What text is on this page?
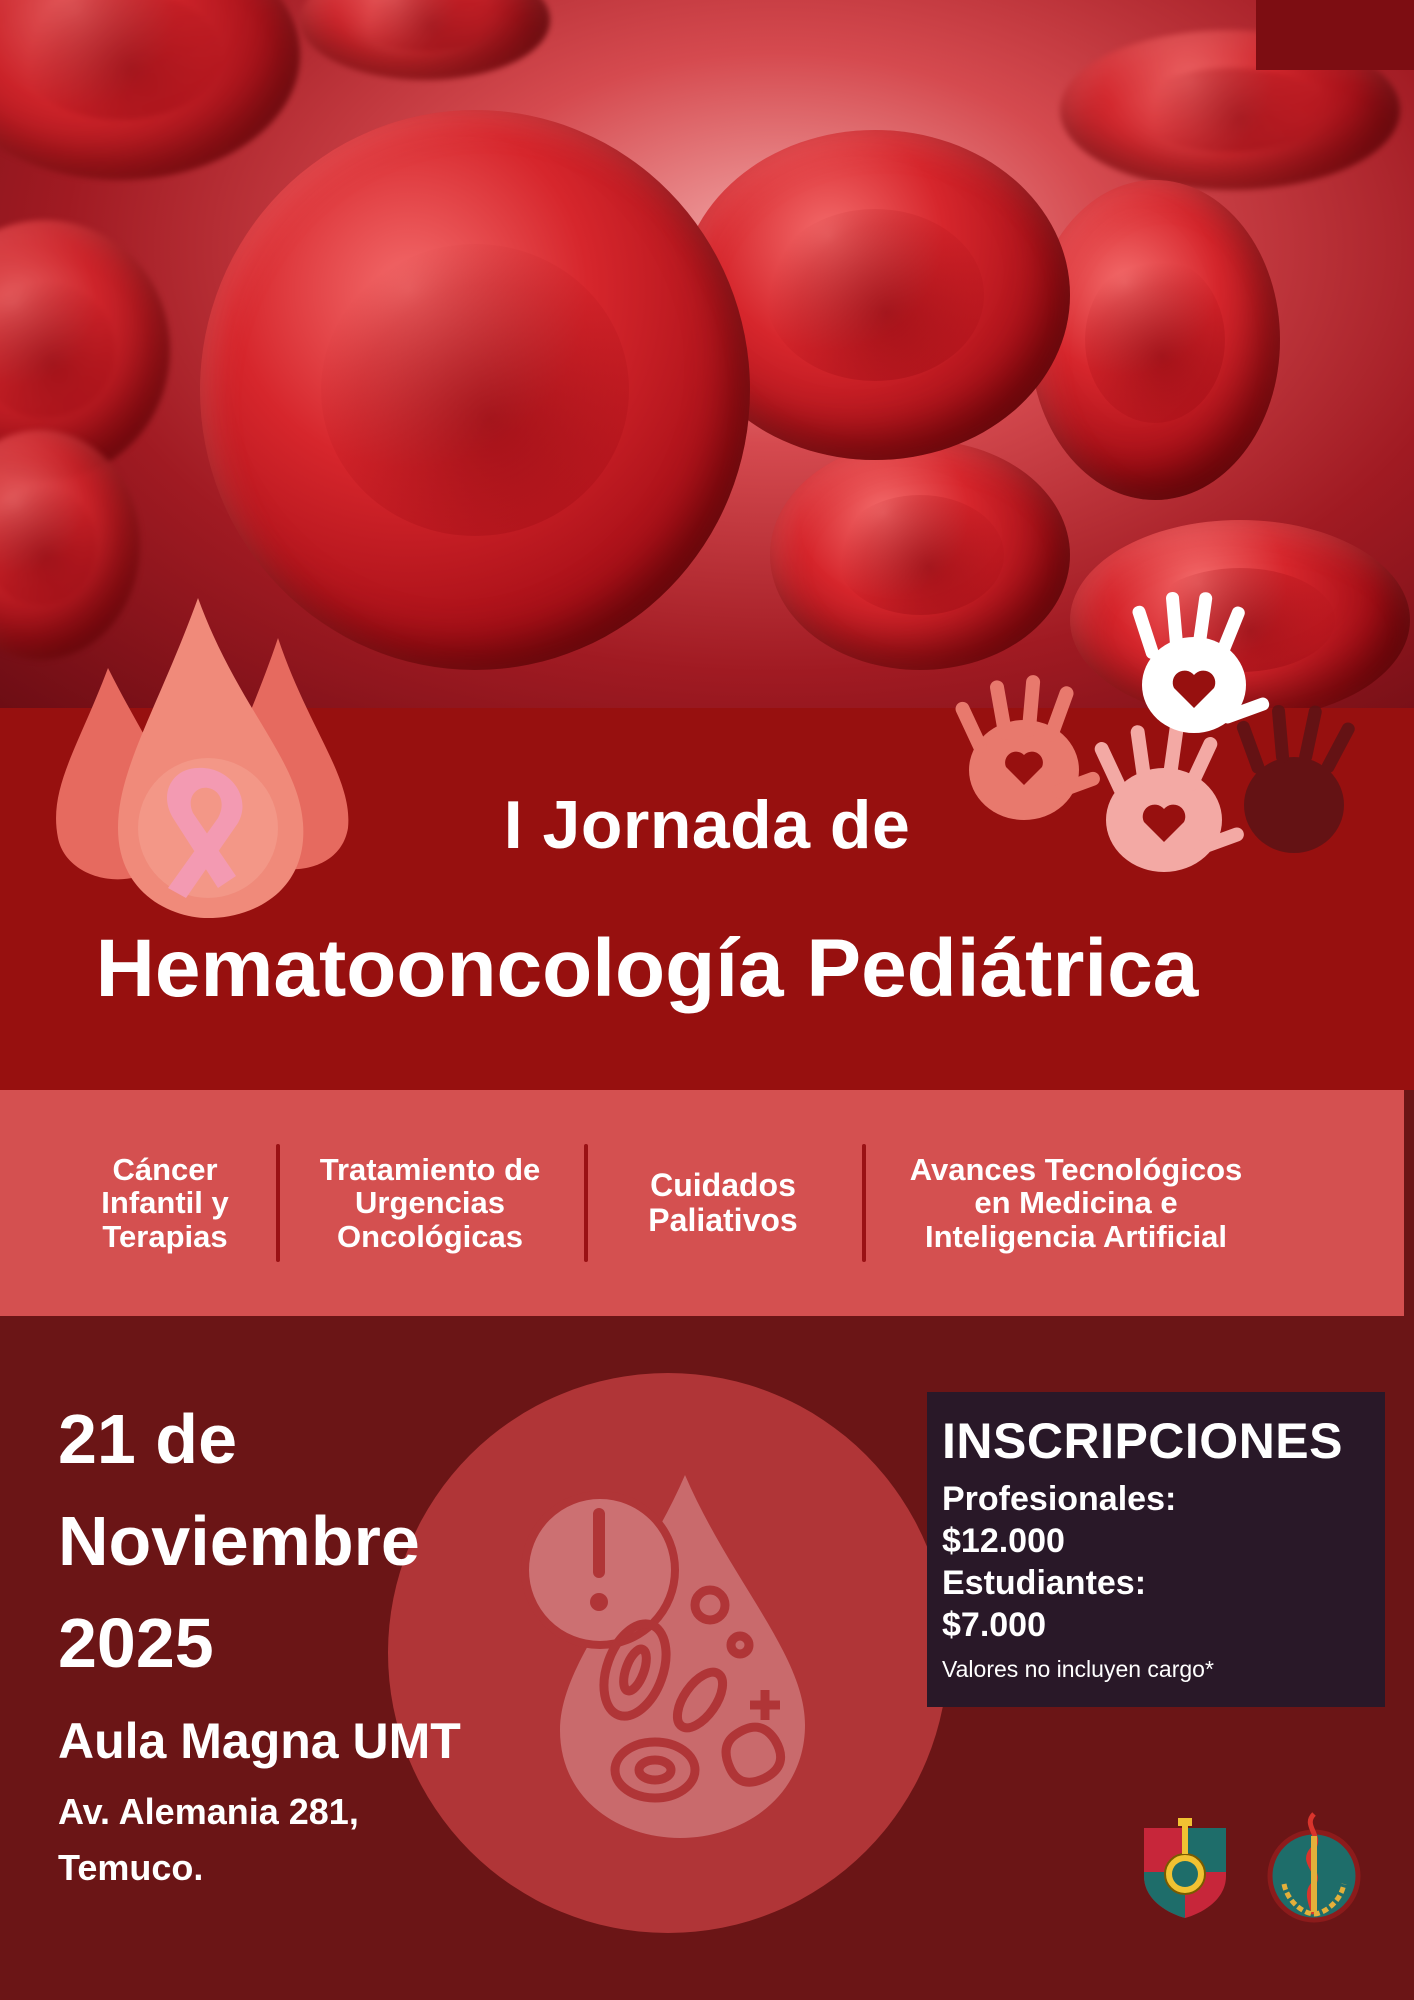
I Jornada de
Hematooncología Pediátrica
Cáncer
Infantil y
Terapias
Tratamiento de
Urgencias
Oncológicas
Cuidados
Paliativos
Avances Tecnológicos
en Medicina e
Inteligencia Artificial
21 de
Noviembre
2025
Aula Magna UMT
Av. Alemania 281,
Temuco.
INSCRIPCIONES
Profesionales:
$12.000
Estudiantes:
$7.000
Valores no incluyen cargo*
